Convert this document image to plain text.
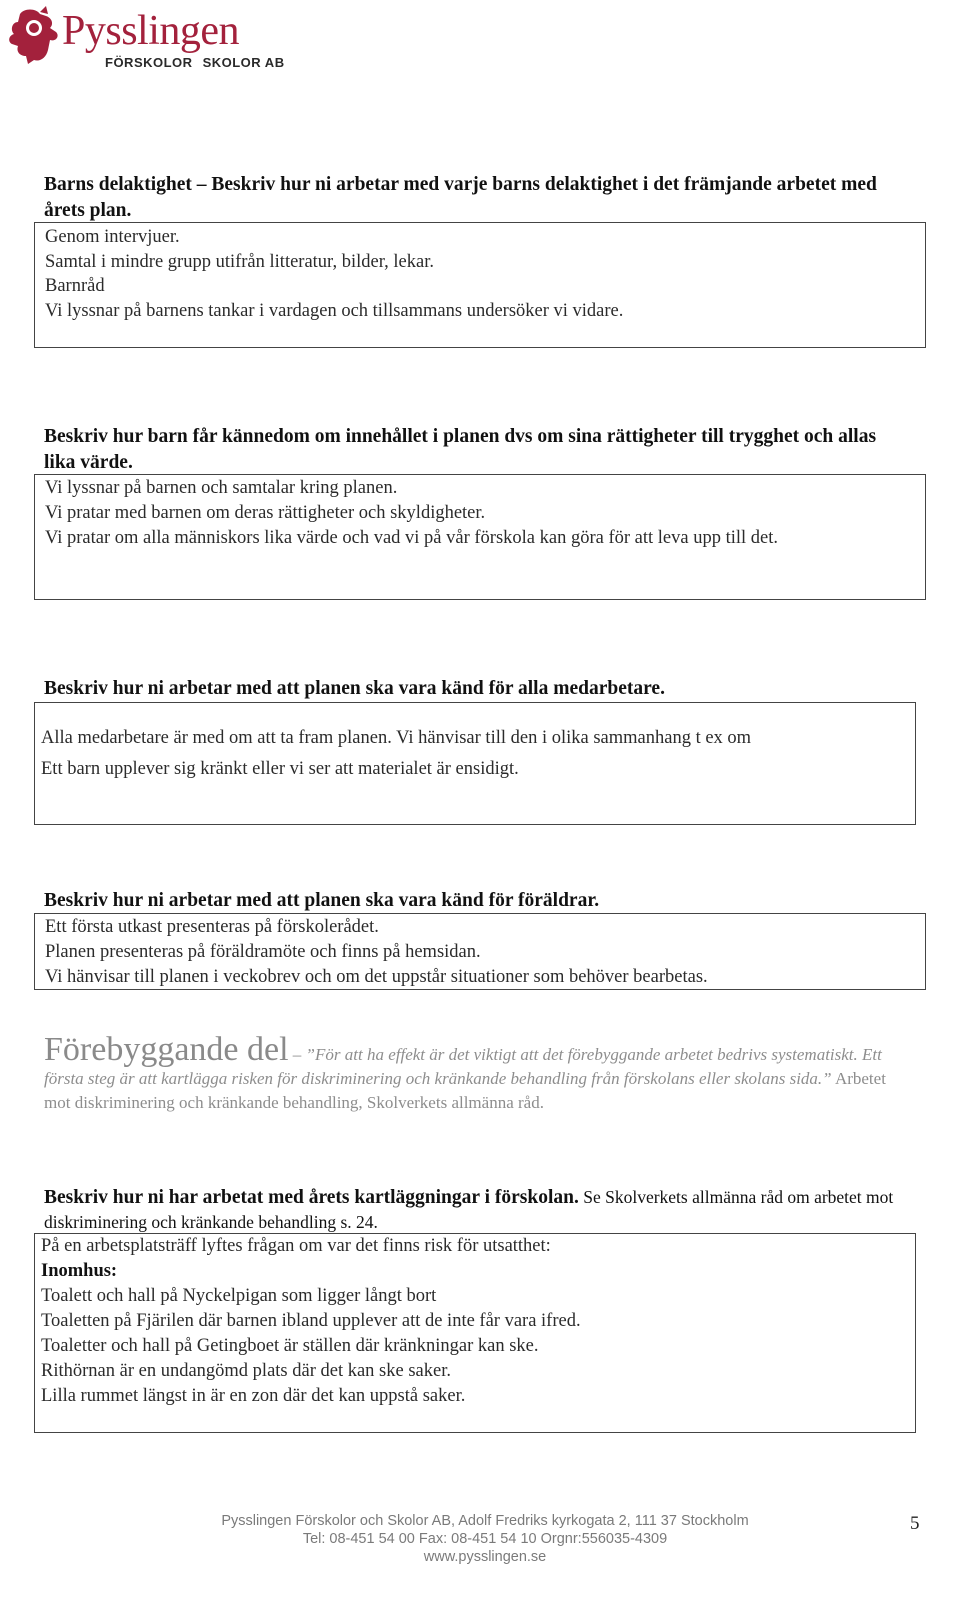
Pysslingen
FÖRSKOLOR SKOLOR AB
Barns delaktighet – Beskriv hur ni arbetar med varje barns delaktighet i det främjande arbetet med årets plan.
Genom intervjuer.
Samtal i mindre grupp utifrån litteratur, bilder, lekar.
Barnråd
Vi lyssnar på barnens tankar i vardagen och tillsammans undersöker vi vidare.
Beskriv hur barn får kännedom om innehållet i planen dvs om sina rättigheter till trygghet och allas lika värde.
Vi lyssnar på barnen och samtalar kring planen.
Vi pratar med barnen om deras rättigheter och skyldigheter.
Vi pratar om alla människors lika värde och vad vi på vår förskola kan göra för att leva upp till det.
Beskriv hur ni arbetar med att planen ska vara känd för alla medarbetare.
Alla medarbetare är med om att ta fram planen. Vi hänvisar till den i olika sammanhang t ex om
Ett barn upplever sig kränkt eller vi ser att materialet är ensidigt.
Beskriv hur ni arbetar med att planen ska vara känd för föräldrar.
Ett första utkast presenteras på förskolerådet.
Planen presenteras på föräldramöte och finns på hemsidan.
Vi hänvisar till planen i veckobrev och om det uppstår situationer som behöver bearbetas.
Förebyggande del – ”För att ha effekt är det viktigt att det förebyggande arbetet bedrivs systematiskt. Ett första steg är att kartlägga risken för diskriminering och kränkande behandling från förskolans eller skolans sida.” Arbetet mot diskriminering och kränkande behandling, Skolverkets allmänna råd.
Beskriv hur ni har arbetat med årets kartläggningar i förskolan. Se Skolverkets allmänna råd om arbetet mot diskriminering och kränkande behandling s. 24.
På en arbetsplatsträff lyftes frågan om var det finns risk för utsatthet:
Inomhus:
Toalett och hall på Nyckelpigan som ligger långt bort
Toaletten på Fjärilen där barnen ibland upplever att de inte får vara ifred.
Toaletter och hall på Getingboet är ställen där kränkningar kan ske.
Rithörnan är en undangömd plats där det kan ske saker.
Lilla rummet längst in är en zon där det kan uppstå saker.
Pysslingen Förskolor och Skolor AB, Adolf Fredriks kyrkogata 2, 111 37 Stockholm
Tel: 08-451 54 00 Fax: 08-451 54 10 Orgnr:556035-4309
www.pysslingen.se
5
